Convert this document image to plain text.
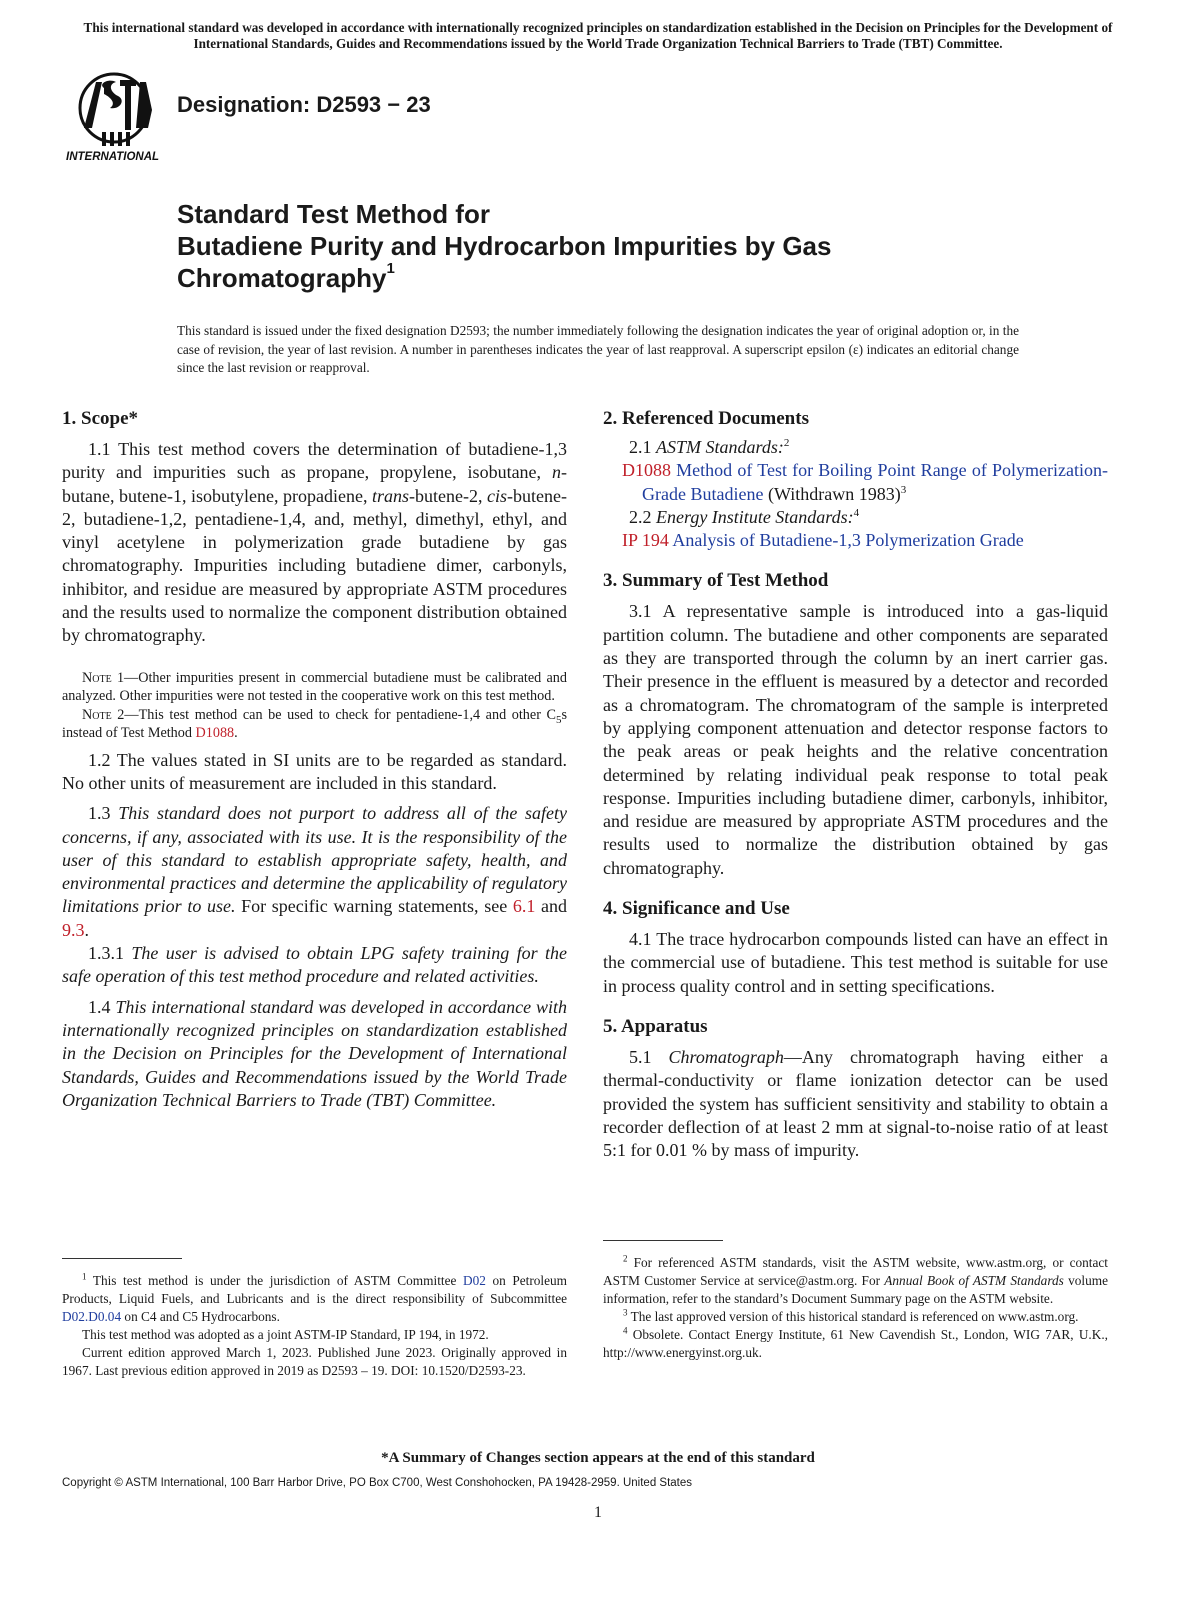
This international standard was developed in accordance with internationally recognized principles on standardization established in the Decision on Principles for the Development of International Standards, Guides and Recommendations issued by the World Trade Organization Technical Barriers to Trade (TBT) Committee.
INTERNATIONAL
Designation: D2593 − 23
Standard Test Method for
Butadiene Purity and Hydrocarbon Impurities by Gas
Chromatography$^1$
This standard is issued under the fixed designation D2593; the number immediately following the designation indicates the year of original adoption or, in the case of revision, the year of last revision. A number in parentheses indicates the year of last reapproval. A superscript epsilon (ε) indicates an editorial change since the last revision or reapproval.
1. Scope*

1.1 This test method covers the determination of butadiene-1,3 purity and impurities such as propane, propylene, isobutane, n-butane, butene-1, isobutylene, propadiene, trans-butene-2, cis-butene-2, butadiene-1,2, pentadiene-1,4, and, methyl, dimethyl, ethyl, and vinyl acetylene in polymerization grade butadiene by gas chromatography. Impurities including butadiene dimer, carbonyls, inhibitor, and residue are measured by appropriate ASTM procedures and the results used to normalize the component distribution obtained by chromatography.

Note 1—Other impurities present in commercial butadiene must be calibrated and analyzed. Other impurities were not tested in the cooperative work on this test method.

Note 2—This test method can be used to check for pentadiene-1,4 and other $C_5s$ instead of Test Method D1088.

1.2 The values stated in SI units are to be regarded as standard. No other units of measurement are included in this standard.

1.3 This standard does not purport to address all of the safety concerns, if any, associated with its use. It is the responsibility of the user of this standard to establish appropriate safety, health, and environmental practices and determine the applicability of regulatory limitations prior to use. For specific warning statements, see 6.1 and 9.3.

1.3.1 The user is advised to obtain LPG safety training for the safe operation of this test method procedure and related activities.

1.4 This international standard was developed in accordance with internationally recognized principles on standardization established in the Decision on Principles for the Development of International Standards, Guides and Recommendations issued by the World Trade Organization Technical Barriers to Trade (TBT) Committee.

2. Referenced Documents

2.1 ASTM Standards:$^2$

D1088 Method of Test for Boiling Point Range of Polymerization-Grade Butadiene (Withdrawn 1983)$^3$

2.2 Energy Institute Standards:$^4$

IP 194 Analysis of Butadiene-1,3 Polymerization Grade

3. Summary of Test Method

3.1 A representative sample is introduced into a gas-liquid partition column. The butadiene and other components are separated as they are transported through the column by an inert carrier gas. Their presence in the effluent is measured by a detector and recorded as a chromatogram. The chromatogram of the sample is interpreted by applying component attenuation and detector response factors to the peak areas or peak heights and the relative concentration determined by relating individual peak response to total peak response. Impurities including butadiene dimer, carbonyls, inhibitor, and residue are measured by appropriate ASTM procedures and the results used to normalize the distribution obtained by gas chromatography.

4. Significance and Use

4.1 The trace hydrocarbon compounds listed can have an effect in the commercial use of butadiene. This test method is suitable for use in process quality control and in setting specifications.

5. Apparatus

5.1 Chromatograph—Any chromatograph having either a thermal-conductivity or flame ionization detector can be used provided the system has sufficient sensitivity and stability to obtain a recorder deflection of at least 2 mm at signal-to-noise ratio of at least 5:1 for 0.01 % by mass of impurity.

$^1$ This test method is under the jurisdiction of ASTM Committee D02 on Petroleum Products, Liquid Fuels, and Lubricants and is the direct responsibility of Subcommittee D02.D0.04 on C4 and C5 Hydrocarbons.

This test method was adopted as a joint ASTM-IP Standard, IP 194, in 1972.

Current edition approved March 1, 2023. Published June 2023. Originally approved in 1967. Last previous edition approved in 2019 as D2593 – 19. DOI: 10.1520/D2593-23.

$^2$ For referenced ASTM standards, visit the ASTM website, www.astm.org, or contact ASTM Customer Service at service@astm.org. For Annual Book of ASTM Standards volume information, refer to the standard’s Document Summary page on the ASTM website.

$^3$ The last approved version of this historical standard is referenced on www.astm.org.

$^4$ Obsolete. Contact Energy Institute, 61 New Cavendish St., London, WIG 7AR, U.K., http://www.energyinst.org.uk.

*A Summary of Changes section appears at the end of this standard
Copyright © ASTM International, 100 Barr Harbor Drive, PO Box C700, West Conshohocken, PA 19428-2959. United States
1
